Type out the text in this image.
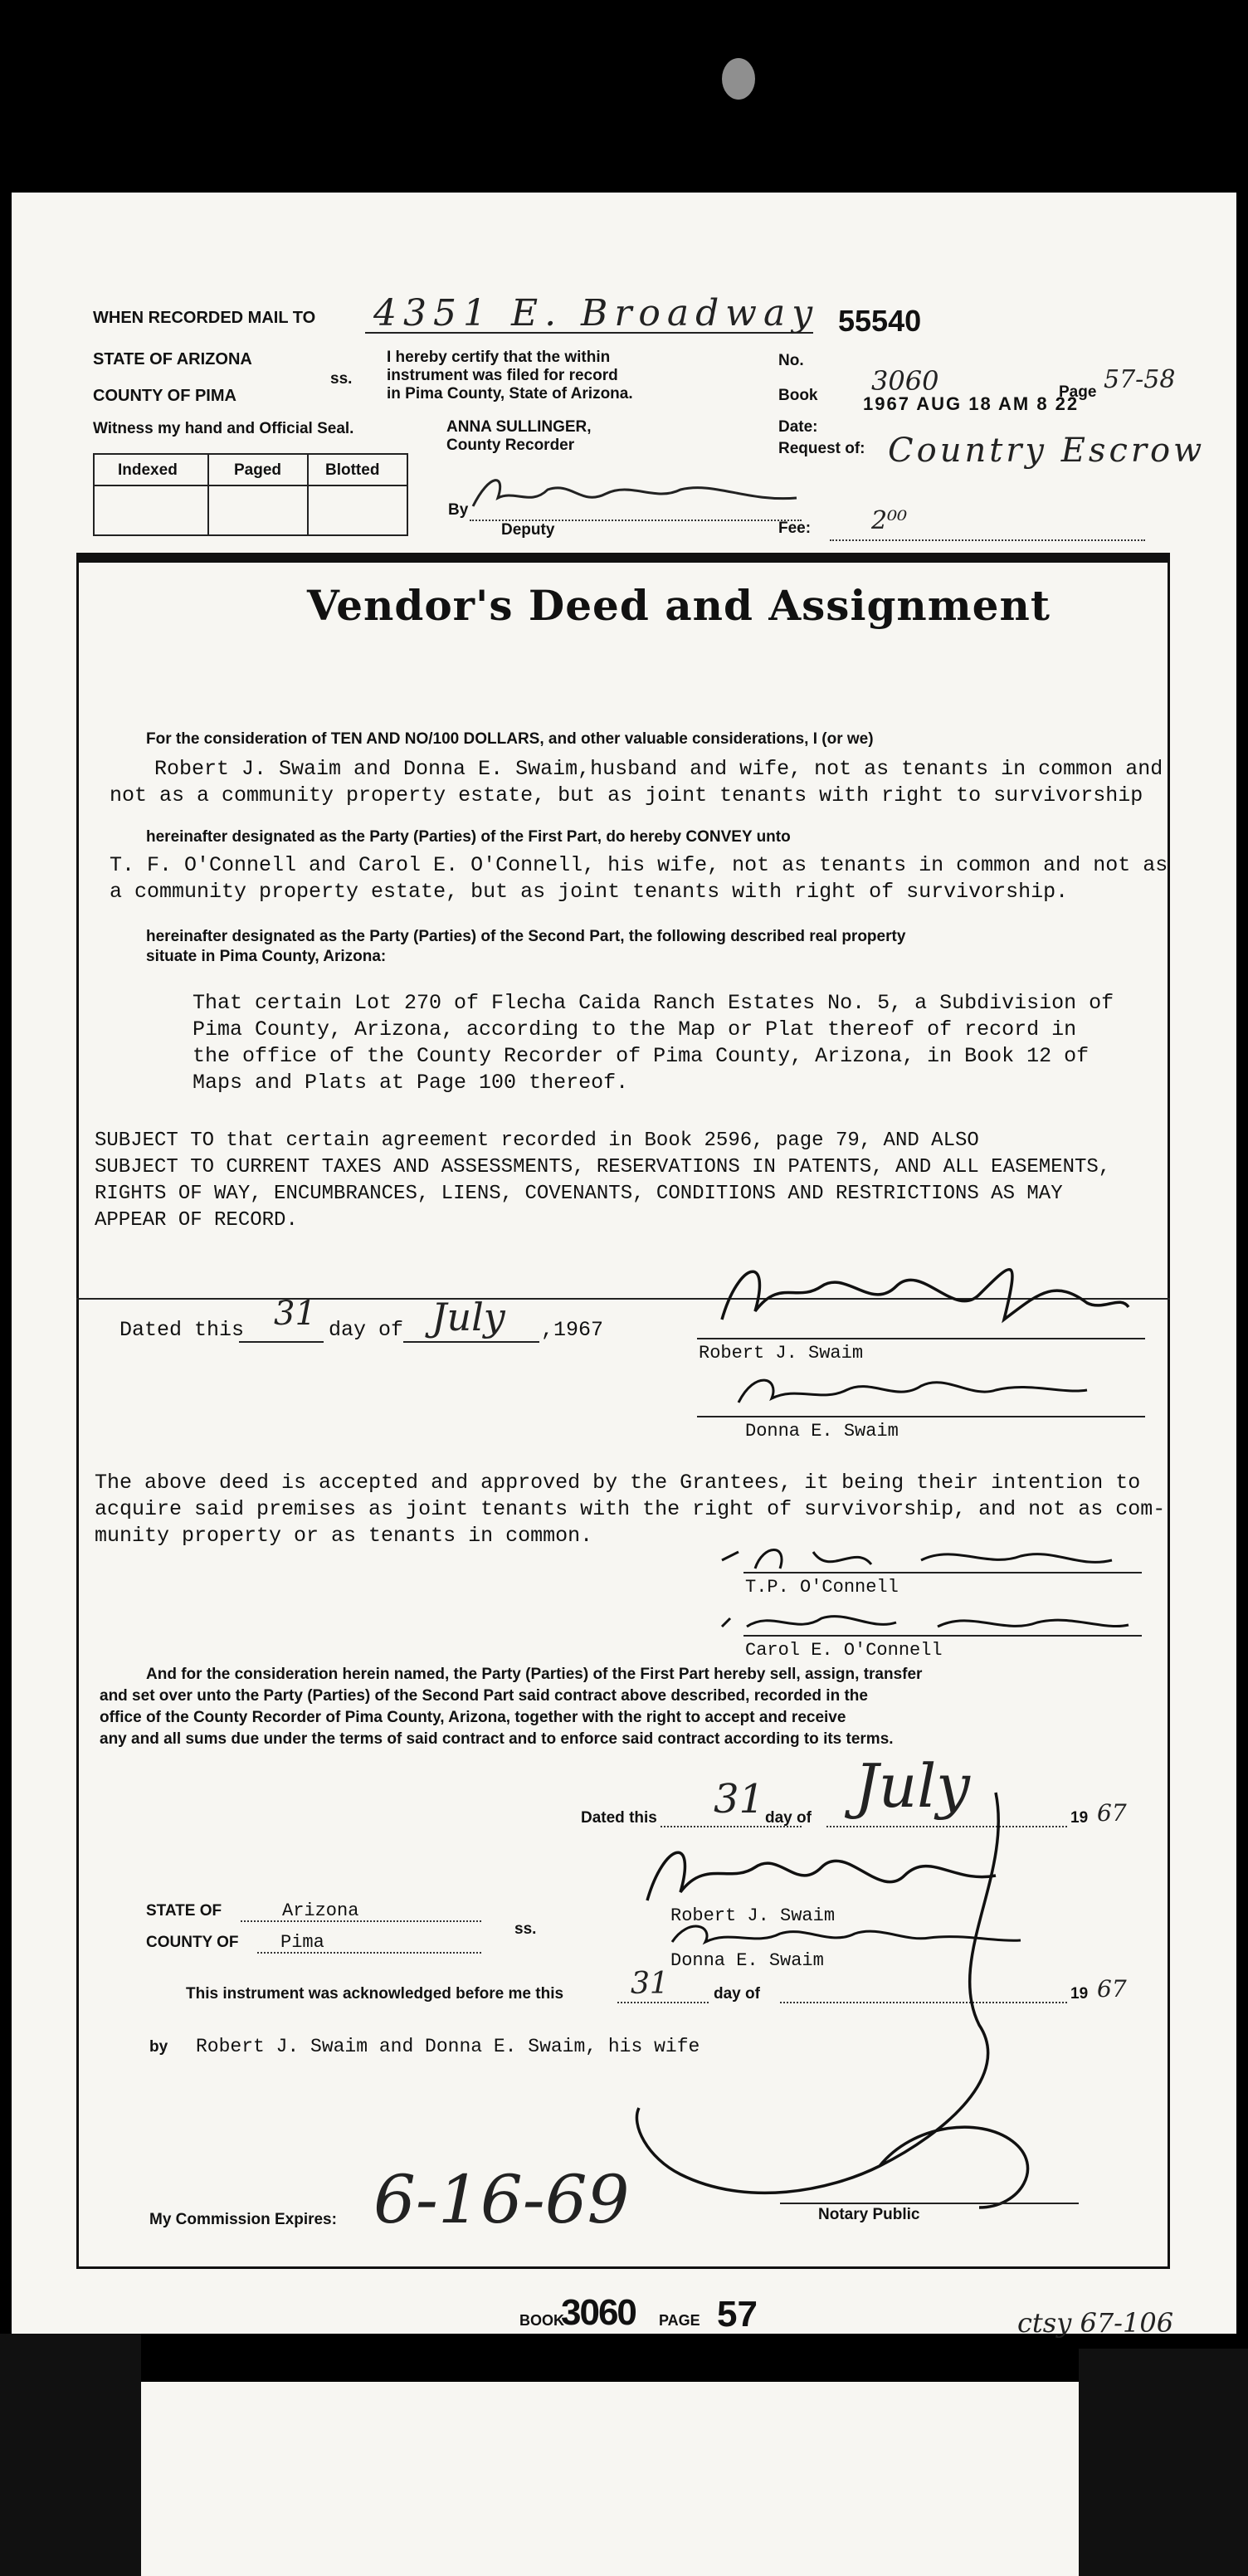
WHEN RECORDED MAIL TO 4351 E. Broadway 55540
STATE OF ARIZONA
COUNTY OF PIMA
ss.
I hereby certify that the within
instrument was filed for record
in Pima County, State of Arizona.
No.
Book 3060	Page 57-58
1967 AUG 18 AM 8 22
Date:
Request of: Country Escrow
Witness my hand and Official Seal.	ANNA SULLINGER,
County Recorder
Indexed	Paged	Blotted
By
Deputy	Fee: 2⁰⁰
Vendor's Deed and Assignment
For the consideration of TEN AND NO/100 DOLLARS, and other valuable considerations, I (or we)
Robert J. Swaim and Donna E. Swaim,husband and wife, not as tenants in common and
not as a community property estate, but as joint tenants with right to survivorship
hereinafter designated as the Party (Parties) of the First Part, do hereby CONVEY unto
T. F. O'Connell and Carol E. O'Connell, his wife, not as tenants in common and not as
a community property estate, but as joint tenants with right of survivorship.
hereinafter designated as the Party (Parties) of the Second Part, the following described real property
situate in Pima County, Arizona:
That certain Lot 270 of Flecha Caida Ranch Estates No. 5, a Subdivision of
Pima County, Arizona, according to the Map or Plat thereof of record in
the office of the County Recorder of Pima County, Arizona, in Book 12 of
Maps and Plats at Page 100 thereof.
SUBJECT TO that certain agreement recorded in Book 2596, page 79, AND ALSO
SUBJECT TO CURRENT TAXES AND ASSESSMENTS, RESERVATIONS IN PATENTS, AND ALL EASEMENTS,
RIGHTS OF WAY, ENCUMBRANCES, LIENS, COVENANTS, CONDITIONS AND RESTRICTIONS AS MAY
APPEAR OF RECORD.
Dated this 31 day of July ,1967
Robert J. Swaim
Donna E. Swaim
The above deed is accepted and approved by the Grantees, it being their intention to
acquire said premises as joint tenants with the right of survivorship, and not as com-
munity property or as tenants in common.
T.P. O'Connell
Carol E. O'Connell
And for the consideration herein named, the Party (Parties) of the First Part hereby sell, assign, transfer
and set over unto the Party (Parties) of the Second Part said contract above described, recorded in the
office of the County Recorder of Pima County, Arizona, together with the right to accept and receive
any and all sums due under the terms of said contract and to enforce said contract according to its terms.
Dated this 31 day of July	19 67
Robert J. Swaim
Donna E. Swaim
STATE OF	Arizona
COUNTY OF Pima
ss.
This instrument was acknowledged before me this 31	day of	19 67
by Robert J. Swaim and Donna E. Swaim, his wife
My Commission Expires: 6-16-69	Notary Public
BOOK
3060 PAGE 57	ctsy 67-106
